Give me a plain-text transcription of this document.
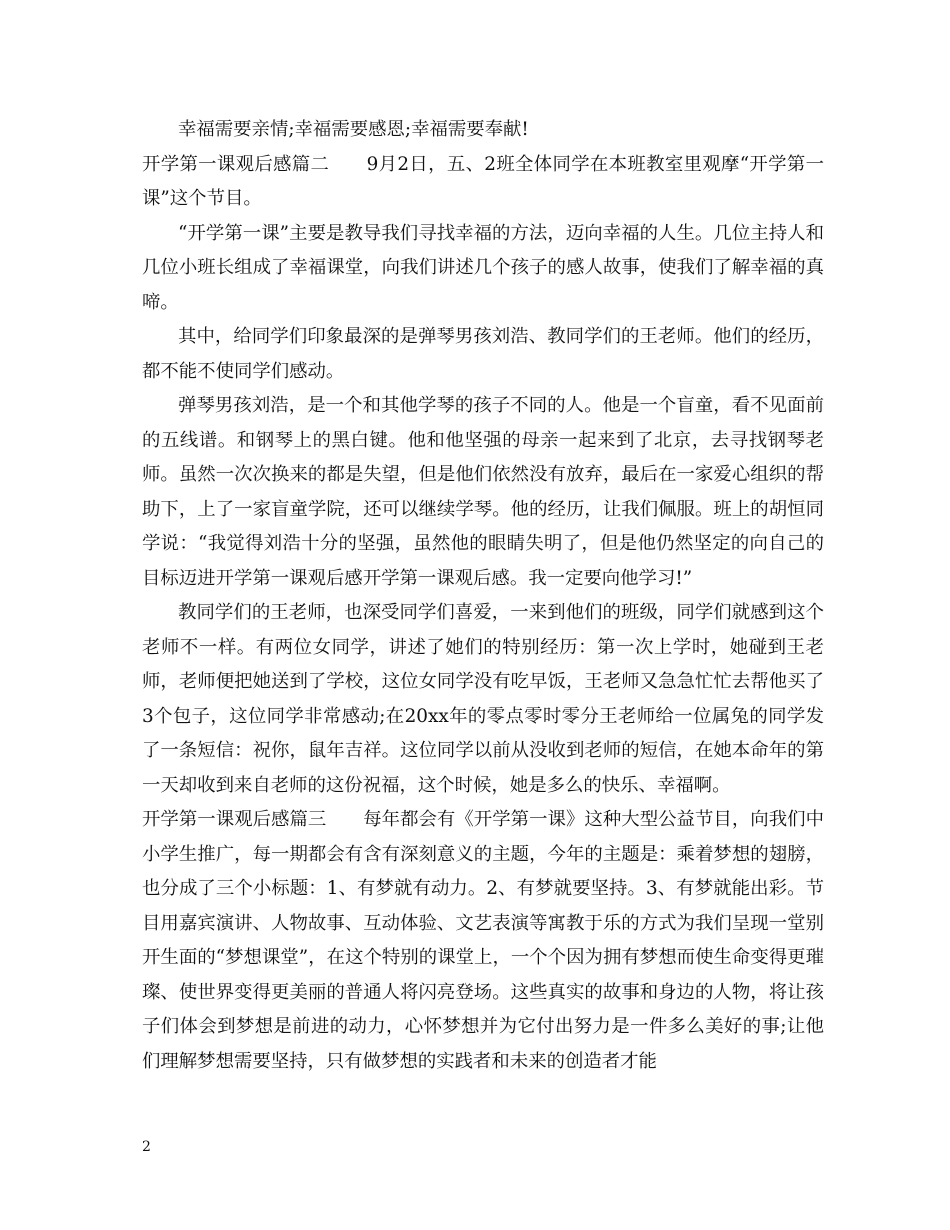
幸福需要亲情;幸福需要感恩;幸福需要奉献!

开学第一课观后感篇二　　9月2日，五、2班全体同学在本班教室里观摩“开学第一课”这个节目。

“开学第一课”主要是教导我们寻找幸福的方法，迈向幸福的人生。几位主持人和几位小班长组成了幸福课堂，向我们讲述几个孩子的感人故事，使我们了解幸福的真啼。

其中，给同学们印象最深的是弹琴男孩刘浩、教同学们的王老师。他们的经历，都不能不使同学们感动。

弹琴男孩刘浩，是一个和其他学琴的孩子不同的人。他是一个盲童，看不见面前的五线谱。和钢琴上的黑白键。他和他坚强的母亲一起来到了北京，去寻找钢琴老师。虽然一次次换来的都是失望，但是他们依然没有放弃，最后在一家爱心组织的帮助下，上了一家盲童学院，还可以继续学琴。他的经历，让我们佩服。班上的胡恒同学说：“我觉得刘浩十分的坚强，虽然他的眼睛失明了，但是他仍然坚定的向自己的目标迈进开学第一课观后感开学第一课观后感。我一定要向他学习!”

教同学们的王老师，也深受同学们喜爱，一来到他们的班级，同学们就感到这个老师不一样。有两位女同学，讲述了她们的特别经历：第一次上学时，她碰到王老师，老师便把她送到了学校，这位女同学没有吃早饭，王老师又急急忙忙去帮他买了3个包子，这位同学非常感动;在20xx年的零点零时零分王老师给一位属兔的同学发了一条短信：祝你，鼠年吉祥。这位同学以前从没收到老师的短信，在她本命年的第一天却收到来自老师的这份祝福，这个时候，她是多么的快乐、幸福啊。

开学第一课观后感篇三　　每年都会有《开学第一课》这种大型公益节目，向我们中小学生推广，每一期都会有含有深刻意义的主题，今年的主题是：乘着梦想的翅膀，也分成了三个小标题：1、有梦就有动力。2、有梦就要坚持。3、有梦就能出彩。节目用嘉宾演讲、人物故事、互动体验、文艺表演等寓教于乐的方式为我们呈现一堂别开生面的“梦想课堂”，在这个特别的课堂上，一个个因为拥有梦想而使生命变得更璀璨、使世界变得更美丽的普通人将闪亮登场。这些真实的故事和身边的人物，将让孩子们体会到梦想是前进的动力，心怀梦想并为它付出努力是一件多么美好的事;让他们理解梦想需要坚持，只有做梦想的实践者和未来的创造者才能

2
